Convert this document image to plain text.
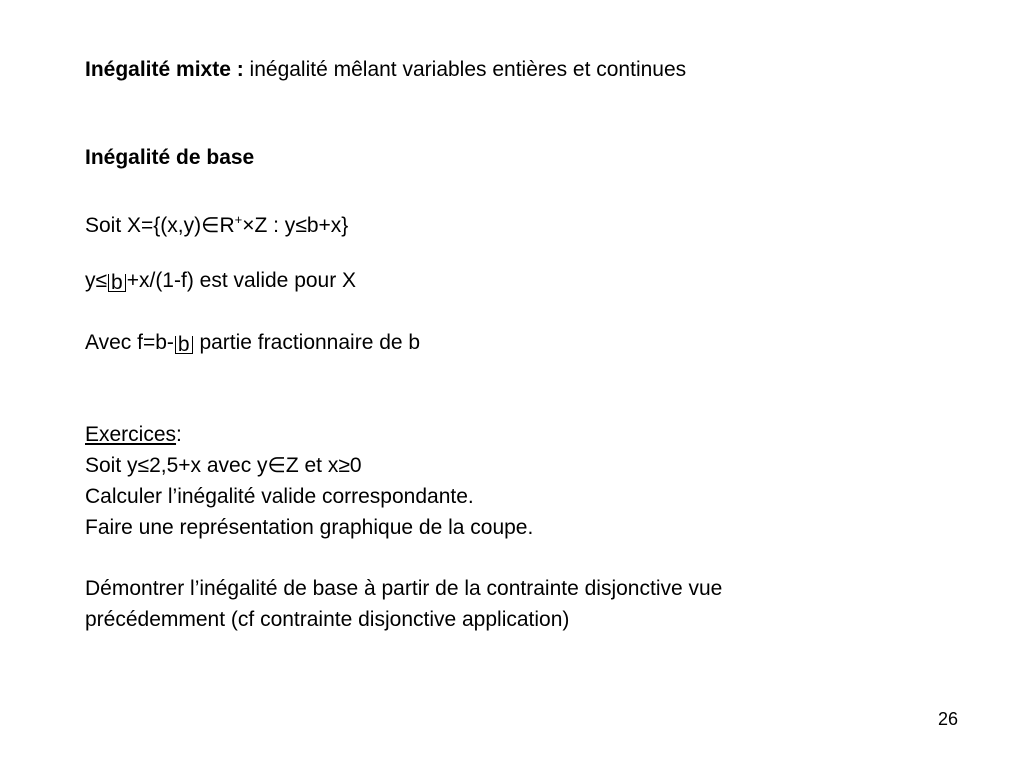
Inégalité mixte : inégalité mêlant variables entières et continues
Inégalité de base
Soit X={(x,y)∈R+×Z : y≤b+x}
y≤ b +x/(1-f) est valide pour X
Avec f=b- b partie fractionnaire de b
Exercices:
Soit y≤2,5+x avec y∈Z et x≥0
Calculer l’inégalité valide correspondante.
Faire une représentation graphique de la coupe.
Démontrer l’inégalité de base à partir de la contrainte disjonctive vue
précédemment (cf contrainte disjonctive application)
26
